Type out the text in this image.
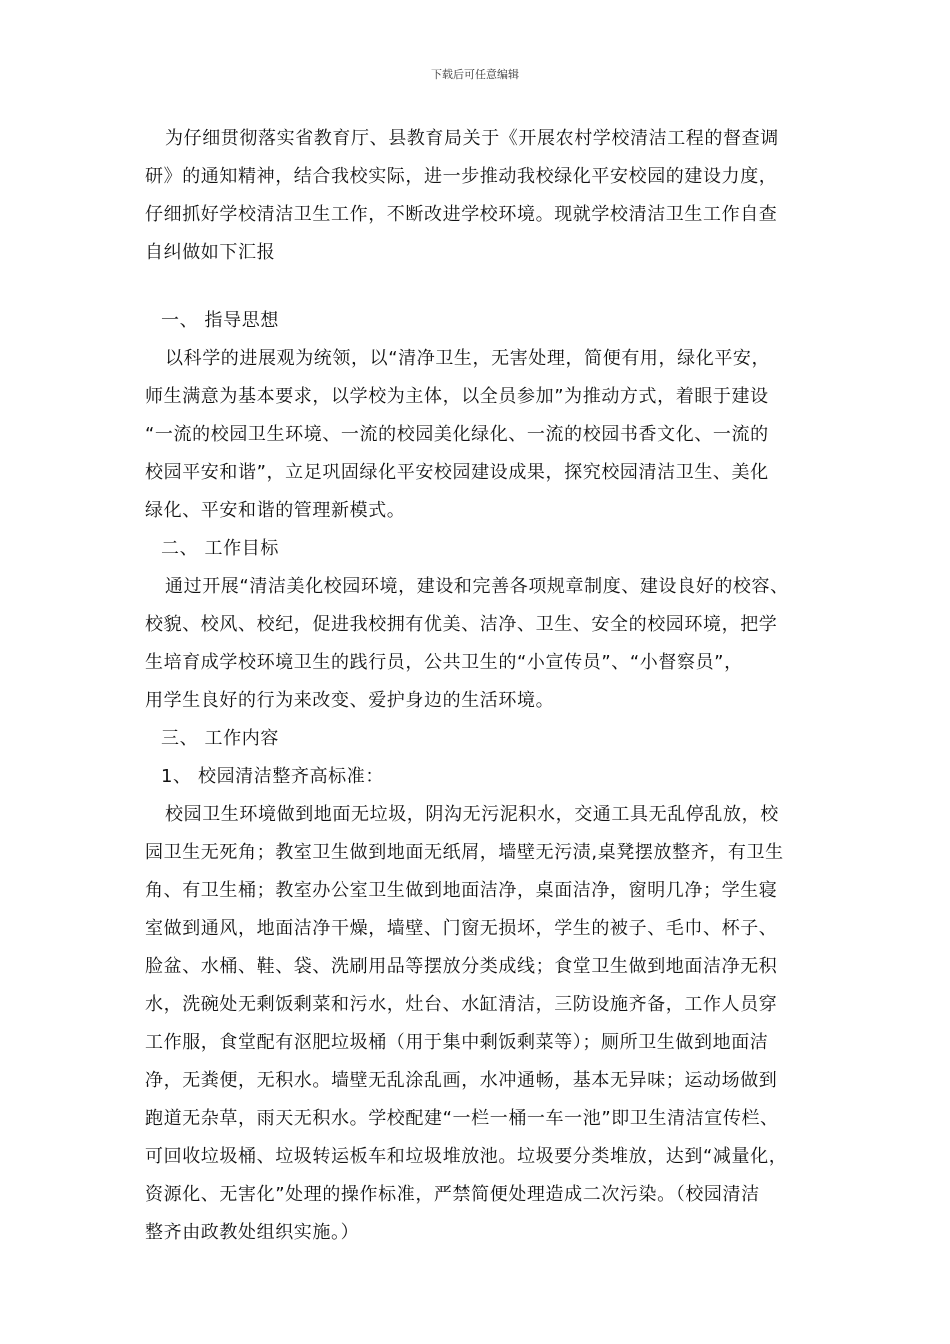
下载后可任意编辑
为仔细贯彻落实省教育厅、县教育局关于《开展农村学校清洁工程的督查调
研》的通知精神，结合我校实际，进一步推动我校绿化平安校园的建设力度，
仔细抓好学校清洁卫生工作，不断改进学校环境。现就学校清洁卫生工作自查
自纠做如下汇报
一、 指导思想
以科学的进展观为统领，以“清净卫生，无害处理，简便有用，绿化平安，
师生满意为基本要求，以学校为主体，以全员参加”为推动方式，着眼于建设
“一流的校园卫生环境、一流的校园美化绿化、一流的校园书香文化、一流的
校园平安和谐”，立足巩固绿化平安校园建设成果，探究校园清洁卫生、美化
绿化、平安和谐的管理新模式。
二、 工作目标
通过开展“清洁美化校园环境，建设和完善各项规章制度、建设良好的校容、
校貌、校风、校纪，促进我校拥有优美、洁净、卫生、安全的校园环境，把学
生培育成学校环境卫生的践行员，公共卫生的“小宣传员”、“小督察员”，
用学生良好的行为来改变、爱护身边的生活环境。
三、 工作内容
1、 校园清洁整齐高标准：
校园卫生环境做到地面无垃圾，阴沟无污泥积水，交通工具无乱停乱放，校
园卫生无死角；教室卫生做到地面无纸屑，墙壁无污渍,桌凳摆放整齐，有卫生
角、有卫生桶；教室办公室卫生做到地面洁净，桌面洁净，窗明几净；学生寝
室做到通风，地面洁净干燥，墙壁、门窗无损坏，学生的被子、毛巾、杯子、
脸盆、水桶、鞋、袋、洗刷用品等摆放分类成线；食堂卫生做到地面洁净无积
水，洗碗处无剩饭剩菜和污水，灶台、水缸清洁，三防设施齐备，工作人员穿
工作服，食堂配有沤肥垃圾桶（用于集中剩饭剩菜等）；厕所卫生做到地面洁
净，无粪便，无积水。墙壁无乱涂乱画，水冲通畅，基本无异味；运动场做到
跑道无杂草，雨天无积水。学校配建“一栏一桶一车一池”即卫生清洁宣传栏、
可回收垃圾桶、垃圾转运板车和垃圾堆放池。垃圾要分类堆放，达到“减量化，
资源化、无害化”处理的操作标准，严禁简便处理造成二次污染。（校园清洁
整齐由政教处组织实施。）
